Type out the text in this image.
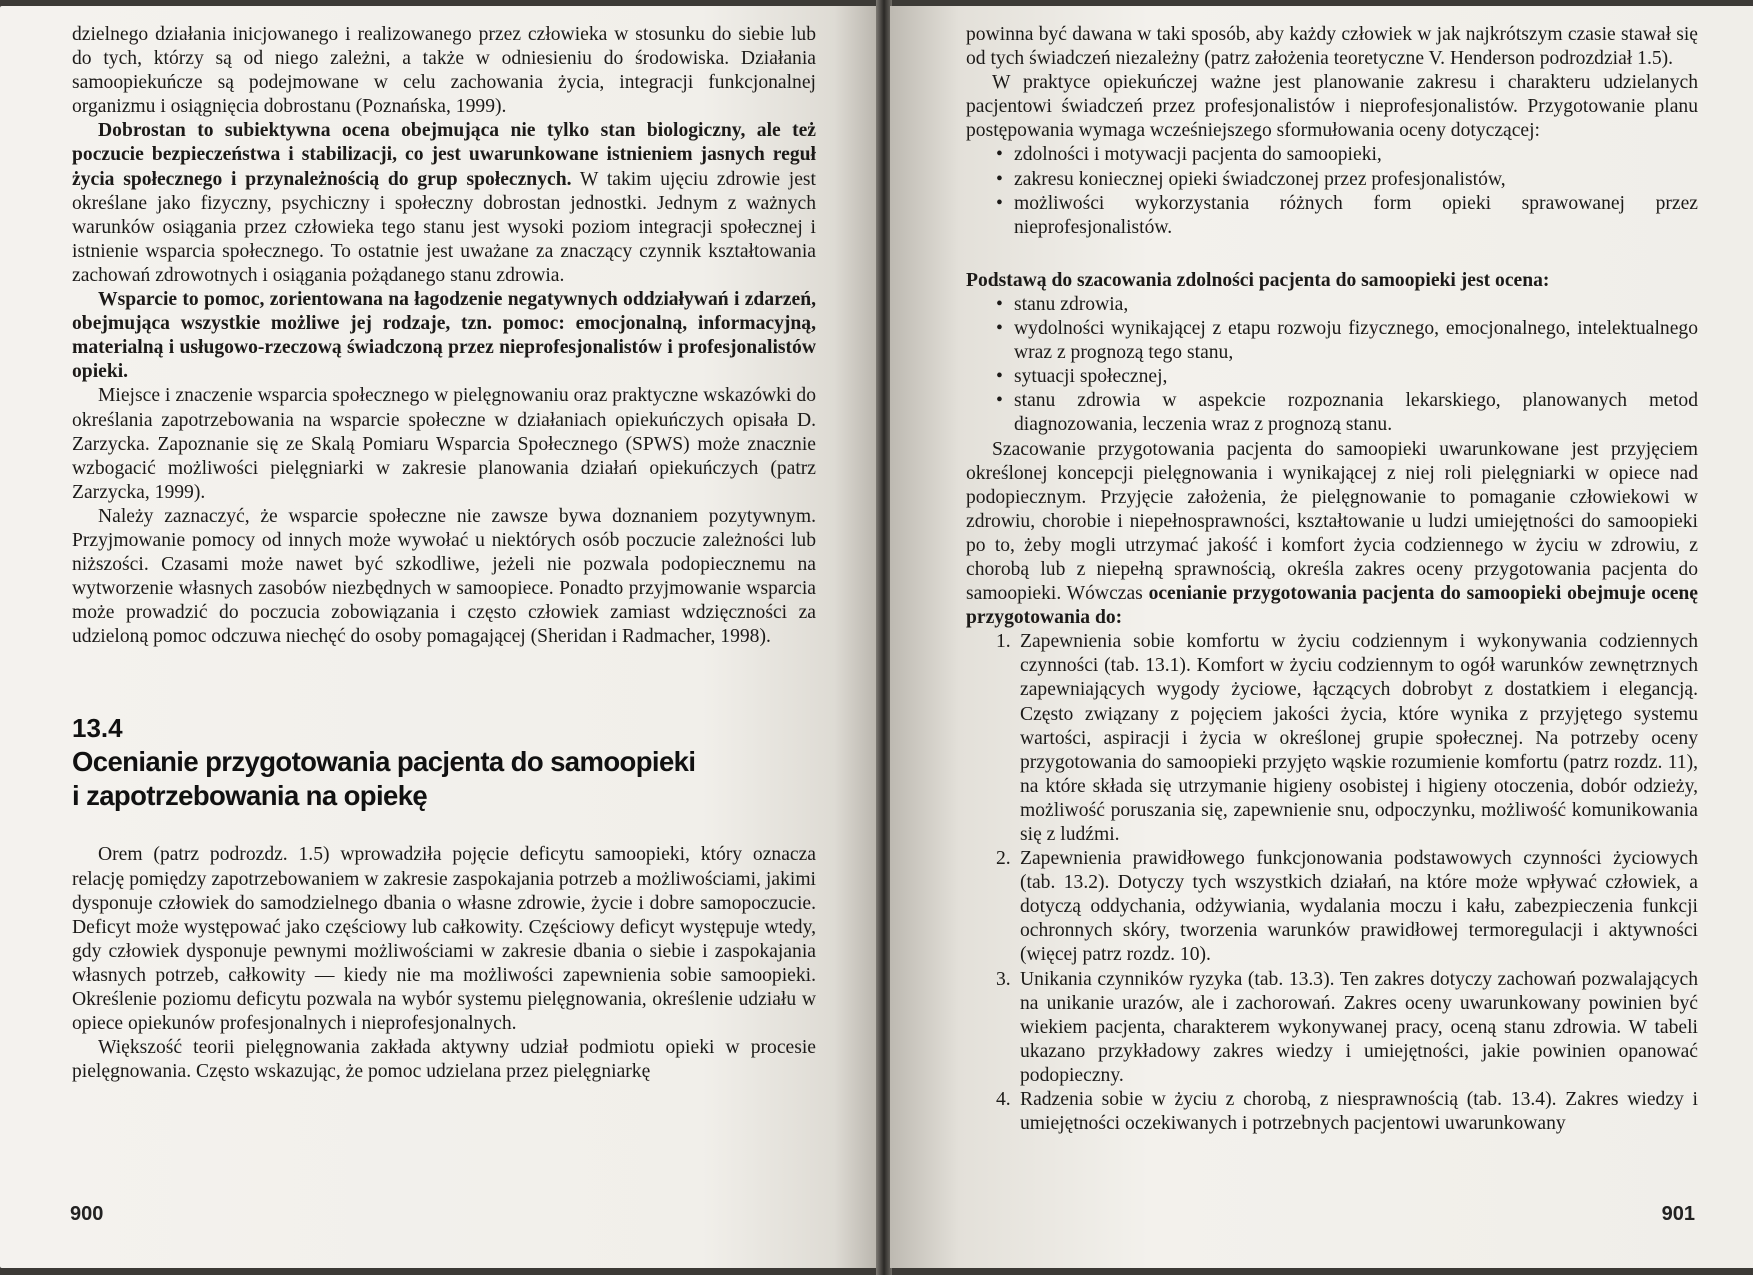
dzielnego działania inicjowanego i realizowanego przez człowieka w stosunku do siebie lub do tych, którzy są od niego zależni, a także w odniesieniu do środowiska. Działania samoopiekuńcze są podejmowane w celu zachowania życia, integracji funkcjonalnej organizmu i osiągnięcia dobrostanu (Poznańska, 1999).

Dobrostan to subiektywna ocena obejmująca nie tylko stan biologiczny, ale też poczucie bezpieczeństwa i stabilizacji, co jest uwarunkowane istnieniem jasnych reguł życia społecznego i przynależnością do grup społecznych. W takim ujęciu zdrowie jest określane jako fizyczny, psychiczny i społeczny dobrostan jednostki. Jednym z ważnych warunków osiągania przez człowieka tego stanu jest wysoki poziom integracji społecznej i istnienie wsparcia społecznego. To ostatnie jest uważane za znaczący czynnik kształtowania zachowań zdrowotnych i osiągania pożądanego stanu zdrowia.

Wsparcie to pomoc, zorientowana na łagodzenie negatywnych oddziaływań i zdarzeń, obejmująca wszystkie możliwe jej rodzaje, tzn. pomoc: emocjonalną, informacyjną, materialną i usługowo-rzeczową świadczoną przez nieprofesjonalistów i profesjonalistów opieki.

Miejsce i znaczenie wsparcia społecznego w pielęgnowaniu oraz praktyczne wskazówki do określania zapotrzebowania na wsparcie społeczne w działaniach opiekuńczych opisała D. Zarzycka. Zapoznanie się ze Skalą Pomiaru Wsparcia Społecznego (SPWS) może znacznie wzbogacić możliwości pielęgniarki w zakresie planowania działań opiekuńczych (patrz Zarzycka, 1999).

Należy zaznaczyć, że wsparcie społeczne nie zawsze bywa doznaniem pozytywnym. Przyjmowanie pomocy od innych może wywołać u niektórych osób poczucie zależności lub niższości. Czasami może nawet być szkodliwe, jeżeli nie pozwala podopiecznemu na wytworzenie własnych zasobów niezbędnych w samoopiece. Ponadto przyjmowanie wsparcia może prowadzić do poczucia zobowiązania i często człowiek zamiast wdzięczności za udzieloną pomoc odczuwa niechęć do osoby pomagającej (Sheridan i Radmacher, 1998).

13.4
Ocenianie przygotowania pacjenta do samoopieki
i zapotrzebowania na opiekę

Orem (patrz podrozdz. 1.5) wprowadziła pojęcie deficytu samoopieki, który oznacza relację pomiędzy zapotrzebowaniem w zakresie zaspokajania potrzeb a możliwościami, jakimi dysponuje człowiek do samodzielnego dbania o własne zdrowie, życie i dobre samopoczucie. Deficyt może występować jako częściowy lub całkowity. Częściowy deficyt występuje wtedy, gdy człowiek dysponuje pewnymi możliwościami w zakresie dbania o siebie i zaspokajania własnych potrzeb, całkowity — kiedy nie ma możliwości zapewnienia sobie samoopieki. Określenie poziomu deficytu pozwala na wybór systemu pielęgnowania, określenie udziału w opiece opiekunów profesjonalnych i nieprofesjonalnych.

Większość teorii pielęgnowania zakłada aktywny udział podmiotu opieki w procesie pielęgnowania. Często wskazując, że pomoc udzielana przez pielęgniarkę

900

powinna być dawana w taki sposób, aby każdy człowiek w jak najkrótszym czasie stawał się od tych świadczeń niezależny (patrz założenia teoretyczne V. Henderson podrozdział 1.5).

W praktyce opiekuńczej ważne jest planowanie zakresu i charakteru udzielanych pacjentowi świadczeń przez profesjonalistów i nieprofesjonalistów. Przygotowanie planu postępowania wymaga wcześniejszego sformułowania oceny dotyczącej:

• zdolności i motywacji pacjenta do samoopieki,
• zakresu koniecznej opieki świadczonej przez profesjonalistów,
• możliwości wykorzystania różnych form opieki sprawowanej przez nieprofesjonalistów.

Podstawą do szacowania zdolności pacjenta do samoopieki jest ocena:

• stanu zdrowia,
• wydolności wynikającej z etapu rozwoju fizycznego, emocjonalnego, intelektualnego wraz z prognozą tego stanu,
• sytuacji społecznej,
• stanu zdrowia w aspekcie rozpoznania lekarskiego, planowanych metod diagnozowania, leczenia wraz z prognozą stanu.

Szacowanie przygotowania pacjenta do samoopieki uwarunkowane jest przyjęciem określonej koncepcji pielęgnowania i wynikającej z niej roli pielęgniarki w opiece nad podopiecznym. Przyjęcie założenia, że pielęgnowanie to pomaganie człowiekowi w zdrowiu, chorobie i niepełnosprawności, kształtowanie u ludzi umiejętności do samoopieki po to, żeby mogli utrzymać jakość i komfort życia codziennego w życiu w zdrowiu, z chorobą lub z niepełną sprawnością, określa zakres oceny przygotowania pacjenta do samoopieki. Wówczas ocenianie przygotowania pacjenta do samoopieki obejmuje ocenę przygotowania do:

1. Zapewnienia sobie komfortu w życiu codziennym i wykonywania codziennych czynności (tab. 13.1). Komfort w życiu codziennym to ogół warunków zewnętrznych zapewniających wygody życiowe, łączących dobrobyt z dostatkiem i elegancją. Często związany z pojęciem jakości życia, które wynika z przyjętego systemu wartości, aspiracji i życia w określonej grupie społecznej. Na potrzeby oceny przygotowania do samoopieki przyjęto wąskie rozumienie komfortu (patrz rozdz. 11), na które składa się utrzymanie higieny osobistej i higieny otoczenia, dobór odzieży, możliwość poruszania się, zapewnienie snu, odpoczynku, możliwość komunikowania się z ludźmi.
2. Zapewnienia prawidłowego funkcjonowania podstawowych czynności życiowych (tab. 13.2). Dotyczy tych wszystkich działań, na które może wpływać człowiek, a dotyczą oddychania, odżywiania, wydalania moczu i kału, zabezpieczenia funkcji ochronnych skóry, tworzenia warunków prawidłowej termoregulacji i aktywności (więcej patrz rozdz. 10).
3. Unikania czynników ryzyka (tab. 13.3). Ten zakres dotyczy zachowań pozwalających na unikanie urazów, ale i zachorowań. Zakres oceny uwarunkowany powinien być wiekiem pacjenta, charakterem wykonywanej pracy, oceną stanu zdrowia. W tabeli ukazano przykładowy zakres wiedzy i umiejętności, jakie powinien opanować podopieczny.
4. Radzenia sobie w życiu z chorobą, z niesprawnością (tab. 13.4). Zakres wiedzy i umiejętności oczekiwanych i potrzebnych pacjentowi uwarunkowany
901
